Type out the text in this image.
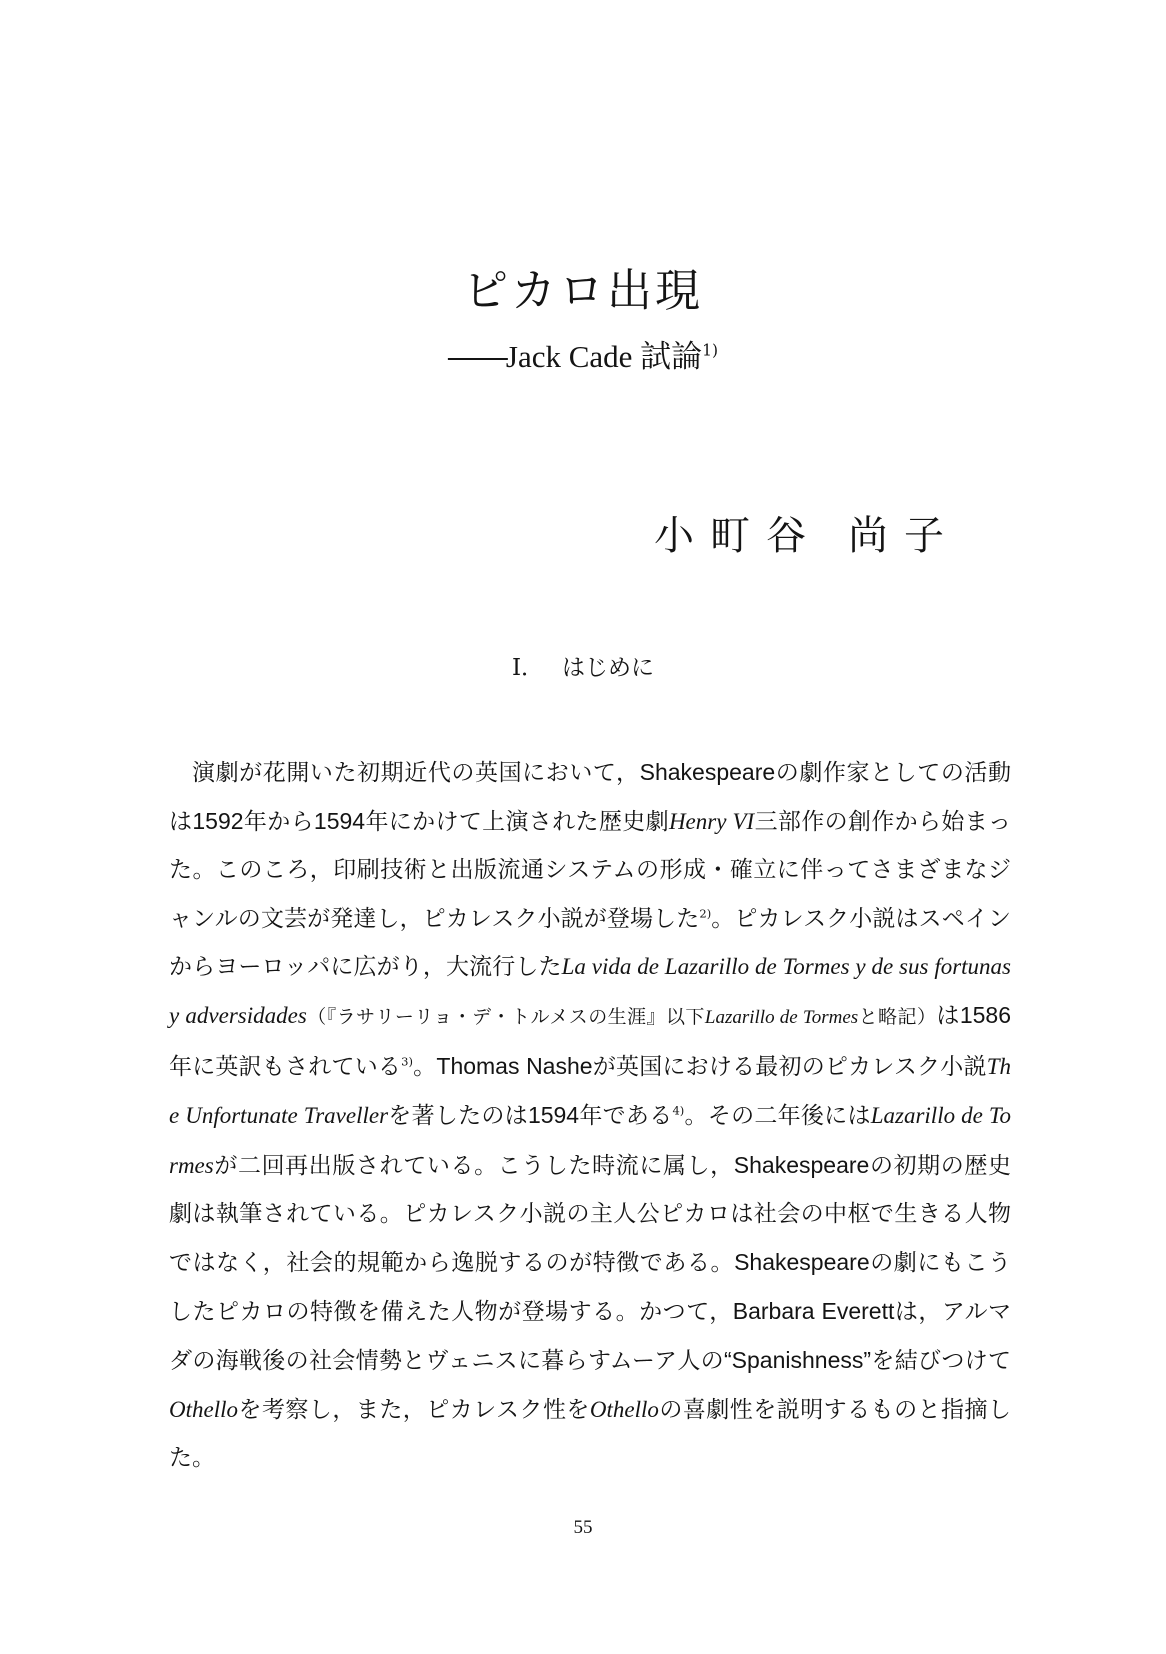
ピカロ出現
――Jack Cade 試論$^{1)}$
小町谷 尚子
I． はじめに

演劇が花開いた初期近代の英国において，Shakespeareの劇作家としての活動は1592年から1594年にかけて上演された歴史劇Henry VI三部作の創作から始まった。このころ，印刷技術と出版流通システムの形成・確立に伴ってさまざまなジャンルの文芸が発達し，ピカレスク小説が登場した$^{2)}$。ピカレスク小説はスペインからヨーロッパに広がり，大流行したLa vida de Lazarillo de Tormes y de sus fortunas y adversidades（『ラサリーリョ・デ・トルメスの生涯』以下Lazarillo de Tormesと略記）は1586年に英訳もされている$^{3)}$。Thomas Nasheが英国における最初のピカレスク小説The Unfortunate Travellerを著したのは1594年である$^{4)}$。その二年後にはLazarillo de Tormesが二回再出版されている。こうした時流に属し，Shakespeareの初期の歴史劇は執筆されている。ピカレスク小説の主人公ピカロは社会の中枢で生きる人物ではなく，社会的規範から逸脱するのが特徴である。Shakespeareの劇にもこうしたピカロの特徴を備えた人物が登場する。かつて，Barbara Everettは，アルマダの海戦後の社会情勢とヴェニスに暮らすムーア人の“Spanishness”を結びつけてOthelloを考察し，また，ピカレスク性をOthelloの喜劇性を説明するものと指摘した。

55
